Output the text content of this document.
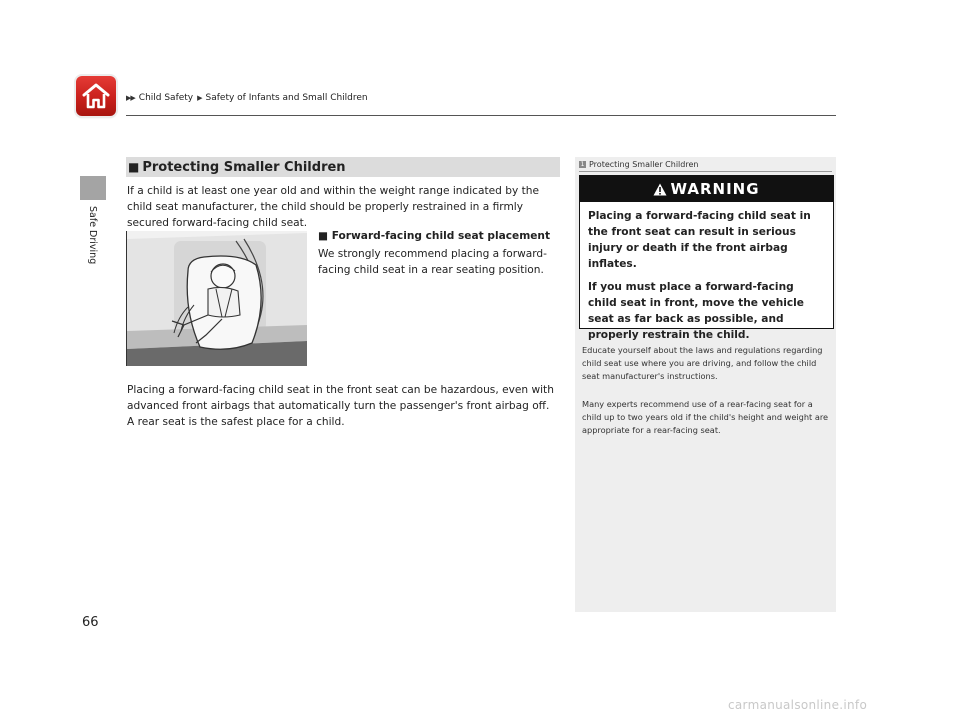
▶▶ Child Safety ▶ Safety of Infants and Small Children
Safe Driving
■ Protecting Smaller Children
If a child is at least one year old and within the weight range indicated by the child seat manufacturer, the child should be properly restrained in a firmly secured forward-facing child seat.
■ Forward-facing child seat placement
We strongly recommend placing a forward-facing child seat in a rear seating position.
Placing a forward-facing child seat in the front seat can be hazardous, even with advanced front airbags that automatically turn the passenger's front airbag off. A rear seat is the safest place for a child.
1 Protecting Smaller Children
WARNING

Placing a forward-facing child seat in the front seat can result in serious injury or death if the front airbag inflates.

If you must place a forward-facing child seat in front, move the vehicle seat as far back as possible, and properly restrain the child.

Educate yourself about the laws and regulations regarding child seat use where you are driving, and follow the child seat manufacturer's instructions.
Many experts recommend use of a rear-facing seat for a child up to two years old if the child's height and weight are appropriate for a rear-facing seat.
66
carmanualsonline.info
